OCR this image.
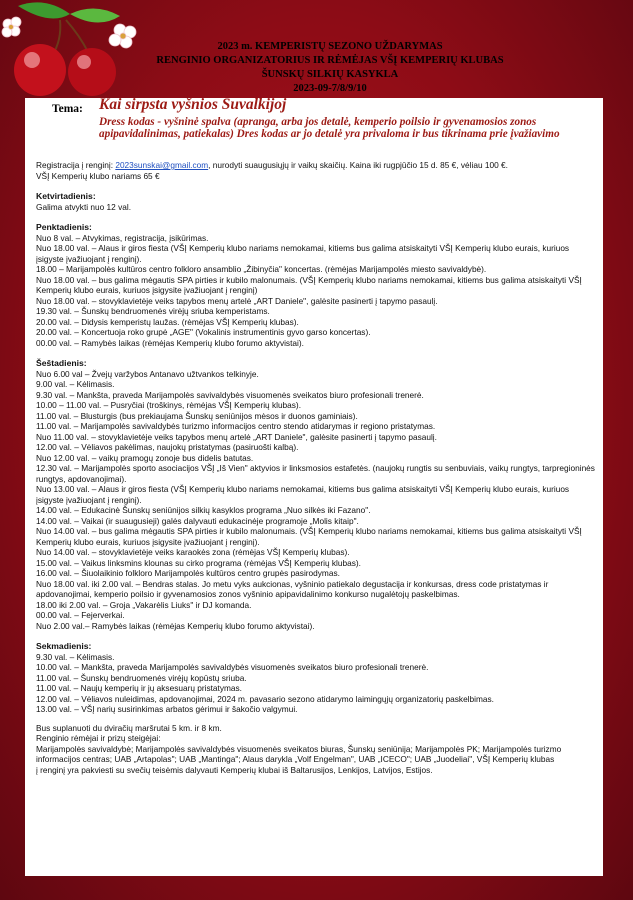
2023 m. KEMPERISTŲ SEZONO UŽDARYMAS
RENGINIO ORGANIZATORIUS IR RĖMĖJAS VŠĮ KEMPERIŲ KLUBAS
ŠUNSKŲ SILKIŲ KASYKLA
2023-09-7/8/9/10
Tema: Kai sirpsta vyšnios Suvalkijoj
Dress kodas - vyšninė spalva (apranga, arba jos detalė, kemperio poilsio ir gyvenamosios zonos apipavidalinimas, patiekalas) Dres kodas ar jo detalė yra privaloma ir bus tikrinama prie įvažiavimo

Registracija į renginį: 2023sunskai@gmail.com, nurodyti suaugusiųjų ir vaikų skaičių. Kaina iki rugpjūčio 15 d. 85 €, vėliau 100 €.

VŠĮ Kemperių klubo nariams 65 €

Ketvirtadienis:

Galima atvykti nuo 12 val.

Penktadienis:

Nuo 8 val. – Atvykimas, registracija, įsikūrimas.

Nuo 18.00 val. – Alaus ir giros fiesta (VŠĮ Kemperių klubo nariams nemokamai, kitiems bus galima atsiskaityti VŠĮ Kemperių klubo eurais, kuriuos įsigyste įvažiuojant į renginį).

18.00 – Marijampolės kultūros centro folkloro ansamblio „Žibinyčia" koncertas. (rėmėjas Marijampolės miesto savivaldybė).

Nuo 18.00 val. – bus galima mėgautis SPA pirties ir kubilo malonumais. (VŠĮ Kemperių klubo nariams nemokamai, kitiems bus galima atsiskaityti VŠĮ Kemperių klubo eurais, kuriuos įsigysite įvažiuojant į renginį)

Nuo 18.00 val. – stovyklavietėje veiks tapybos menų artelė „ART Daniele", galėsite pasinerti į tapymo pasaulį.

19.30 val. – Šunskų bendruomenės virėjų sriuba kemperistams.

20.00 val. – Didysis kemperistų laužas. (rėmėjas VŠĮ Kemperių klubas).

20.00 val. – Koncertuoja roko grupė „AGE" (Vokalinis instrumentinis gyvo garso koncertas).

00.00 val. – Ramybės laikas (rėmėjas Kemperių klubo forumo aktyvistai).

Šeštadienis:

Nuo 6.00 val – Žvejų varžybos Antanavo užtvankos telkinyje.

9.00 val. – Kėlimasis.

9.30 val. – Mankšta, praveda Marijampolės savivaldybės visuomenės sveikatos biuro profesionali trenerė.

10.00 – 11.00 val. – Pusryčiai (troškinys, rėmėjas VŠĮ Kemperių klubas).

11.00 val. – Blusturgis (bus prekiaujama Šunskų seniūnijos mėsos ir duonos gaminiais).

11.00 val. – Marijampolės savivaldybės turizmo informacijos centro stendo atidarymas ir regiono pristatymas.

Nuo 11.00 val. – stovyklavietėje veiks tapybos menų artelė „ART Daniele", galėsite pasinerti į tapymo pasaulį.

12.00 val. – Vėliavos pakėlimas, naujokų pristatymas (pasiruošti kalbą).

Nuo 12.00 val. – vaikų pramogų zonoje bus didelis batutas.

12.30 val. – Marijampolės sporto asociacijos VŠĮ „Iš Vien" aktyvios ir linksmosios estafetės. (naujokų rungtis su senbuviais, vaikų rungtys, tarpregioninės rungtys, apdovanojimai).

Nuo 13.00 val. – Alaus ir giros fiesta (VŠĮ Kemperių klubo nariams nemokamai, kitiems bus galima atsiskaityti VŠĮ Kemperių klubo eurais, kuriuos įsigyste įvažiuojant į renginį).

14.00 val. – Edukacinė Šunskų seniūnijos silkių kasyklos programa „Nuo silkės iki Fazano".

14.00 val. – Vaikai (ir suaugusieji) galės dalyvauti edukacinėje programoje „Molis kitaip".

Nuo 14.00 val. – bus galima mėgautis SPA pirties ir kubilo malonumais. (VŠĮ Kemperių klubo nariams nemokamai, kitiems bus galima atsiskaityti VŠĮ Kemperių klubo eurais, kuriuos įsigysite įvažiuojant į renginį).

Nuo 14.00 val. – stovyklavietėje veiks karaokės zona (rėmėjas VŠĮ Kemperių klubas).

15.00 val. – Vaikus linksmins klounas su cirko programa (rėmėjas VŠĮ Kemperių klubas).

16.00 val. – Šiuolaikinio folkloro Marijampolės kultūros centro grupės pasirodymas.

Nuo 18.00 val. iki 2.00 val. – Bendras stalas. Jo metu vyks aukcionas, vyšninio patiekalo degustacija ir konkursas, dress code pristatymas ir apdovanojimai, kemperio poilsio ir gyvenamosios zonos vyšninio apipavidalinimo konkurso nugalėtojų paskelbimas.

18.00 iki 2.00 val. – Groja „Vakarėlis Liuks" ir DJ komanda.

00.00 val. – Fejerverkai.

Nuo 2.00 val.– Ramybės laikas (rėmėjas Kemperių klubo forumo aktyvistai).

Sekmadienis:

9.30 val. – Kėlimasis.

10.00 val. – Mankšta, praveda Marijampolės savivaldybės visuomenės sveikatos biuro profesionali trenerė.

11.00 val. – Šunskų bendruomenės virėjų kopūstų sriuba.

11.00 val. – Naujų kemperių ir jų aksesuarų pristatymas.

12.00 val. – Vėliavos nuleidimas, apdovanojimai, 2024 m. pavasario sezono atidarymo laimingųjų organizatorių paskelbimas.

13.00 val. – VŠĮ narių susirinkimas arbatos gėrimui ir šakočio valgymui.

Bus suplanuoti du dviračių maršrutai 5 km. ir 8 km.

Renginio rėmėjai ir prizų steigėjai:

Marijampolės savivaldybė; Marijampolės savivaldybės visuomenės sveikatos biuras, Šunskų seniūnija; Marijampolės PK; Marijampolės turizmo informacijos centras; UAB „Artapolas"; UAB „Mantinga"; Alaus darykla „Volf Engelman", UAB „ICECO"; UAB „Juodeliai", VŠĮ Kemperių klubas

į renginį yra pakviesti su svečių teisėmis dalyvauti Kemperių klubai iš Baltarusijos, Lenkijos, Latvijos, Estijos.
